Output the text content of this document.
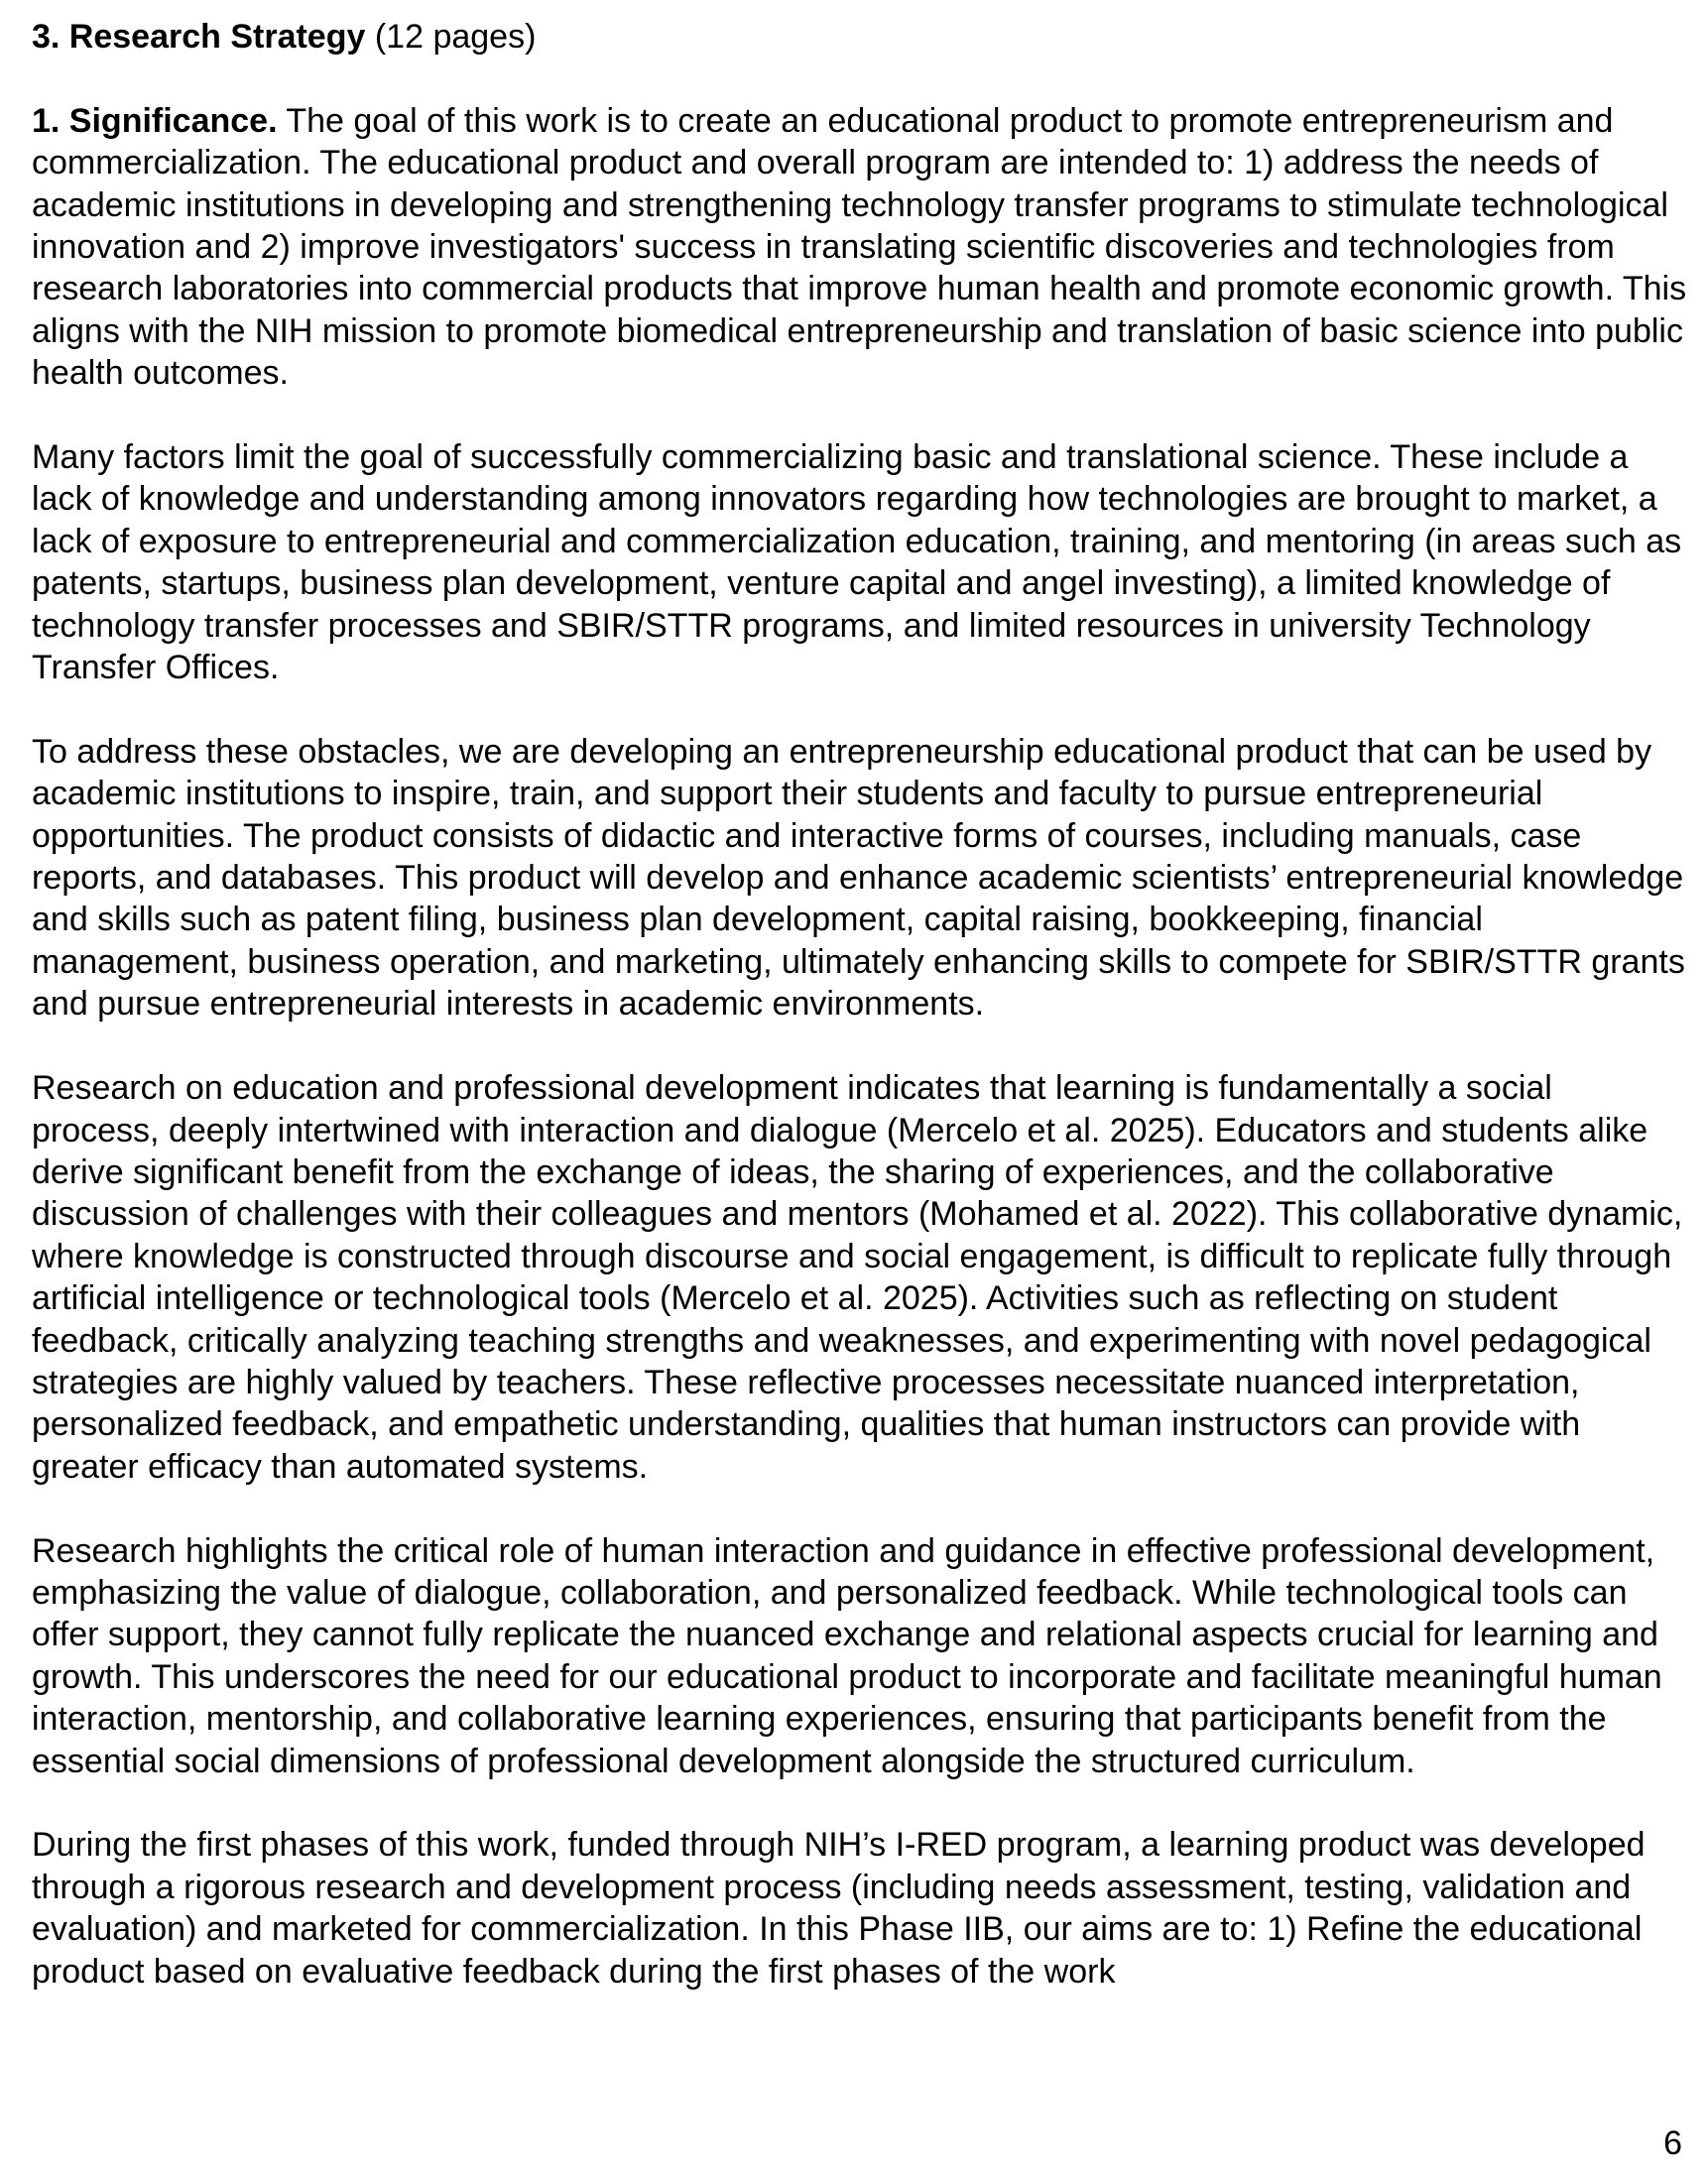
3. Research Strategy (12 pages)

1. Significance. The goal of this work is to create an educational product to promote entrepreneurism and commercialization. The educational product and overall program are intended to: 1) address the needs of academic institutions in developing and strengthening technology transfer programs to stimulate technological innovation and 2) improve investigators' success in translating scientific discoveries and technologies from research laboratories into commercial products that improve human health and promote economic growth. This aligns with the NIH mission to promote biomedical entrepreneurship and translation of basic science into public health outcomes.

Many factors limit the goal of successfully commercializing basic and translational science. These include a lack of knowledge and understanding among innovators regarding how technologies are brought to market, a lack of exposure to entrepreneurial and commercialization education, training, and mentoring (in areas such as patents, startups, business plan development, venture capital and angel investing), a limited knowledge of technology transfer processes and SBIR/STTR programs, and limited resources in university Technology Transfer Offices.

To address these obstacles, we are developing an entrepreneurship educational product that can be used by academic institutions to inspire, train, and support their students and faculty to pursue entrepreneurial opportunities. The product consists of didactic and interactive forms of courses, including manuals, case reports, and databases. This product will develop and enhance academic scientists’ entrepreneurial knowledge and skills such as patent filing, business plan development, capital raising, bookkeeping, financial management, business operation, and marketing, ultimately enhancing skills to compete for SBIR/STTR grants and pursue entrepreneurial interests in academic environments.

Research on education and professional development indicates that learning is fundamentally a social process, deeply intertwined with interaction and dialogue (Mercelo et al. 2025). Educators and students alike derive significant benefit from the exchange of ideas, the sharing of experiences, and the collaborative discussion of challenges with their colleagues and mentors (Mohamed et al. 2022). This collaborative dynamic, where knowledge is constructed through discourse and social engagement, is difficult to replicate fully through artificial intelligence or technological tools (Mercelo et al. 2025). Activities such as reflecting on student feedback, critically analyzing teaching strengths and weaknesses, and experimenting with novel pedagogical strategies are highly valued by teachers. These reflective processes necessitate nuanced interpretation, personalized feedback, and empathetic understanding, qualities that human instructors can provide with greater efficacy than automated systems.

Research highlights the critical role of human interaction and guidance in effective professional development, emphasizing the value of dialogue, collaboration, and personalized feedback. While technological tools can offer support, they cannot fully replicate the nuanced exchange and relational aspects crucial for learning and growth. This underscores the need for our educational product to incorporate and facilitate meaningful human interaction, mentorship, and collaborative learning experiences, ensuring that participants benefit from the essential social dimensions of professional development alongside the structured curriculum.

During the first phases of this work, funded through NIH’s I-RED program, a learning product was developed through a rigorous research and development process (including needs assessment, testing, validation and evaluation) and marketed for commercialization. In this Phase IIB, our aims are to: 1) Refine the educational product based on evaluative feedback during the first phases of the work

6
